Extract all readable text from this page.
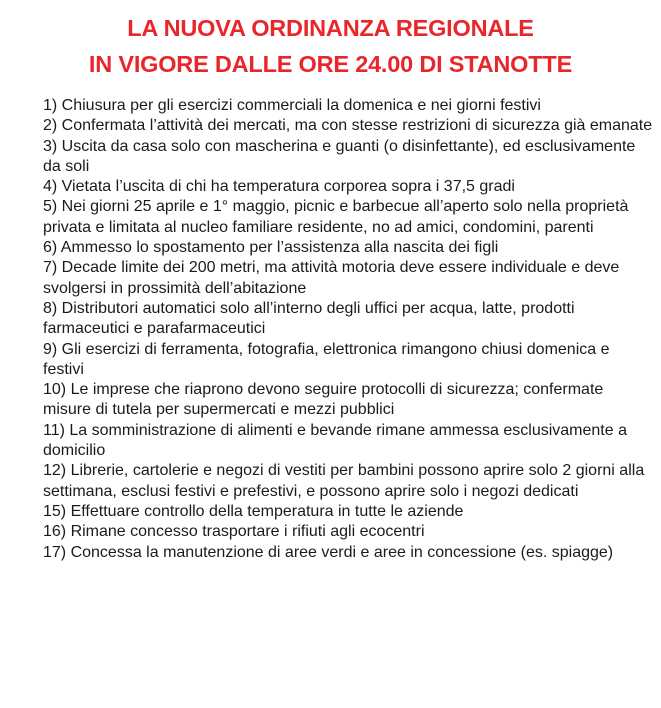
LA NUOVA ORDINANZA REGIONALE
IN VIGORE DALLE ORE 24.00 DI STANOTTE
1) Chiusura per gli esercizi commerciali la domenica e nei giorni festivi
2) Confermata l’attività dei mercati, ma con stesse restrizioni di sicurezza già emanate
3) Uscita da casa solo con mascherina e guanti (o disinfettante), ed esclusivamente da soli
4) Vietata l’uscita di chi ha temperatura corporea sopra i 37,5 gradi
5) Nei giorni 25 aprile e 1° maggio, picnic e barbecue all’aperto solo nella proprietà privata e limitata al nucleo familiare residente, no ad amici, condomini, parenti
6) Ammesso lo spostamento per l’assistenza alla nascita dei figli
7) Decade limite dei 200 metri, ma attività motoria deve essere individuale e deve svolgersi in prossimità dell’abitazione
8) Distributori automatici solo all’interno degli uffici per acqua, latte, prodotti farmaceutici e parafarmaceutici
9) Gli esercizi di ferramenta, fotografia, elettronica rimangono chiusi domenica e festivi
10) Le imprese che riaprono devono seguire protocolli di sicurezza; confermate misure di tutela per supermercati e mezzi pubblici
11) La somministrazione di alimenti e bevande rimane ammessa esclusivamente a domicilio
12) Librerie, cartolerie e negozi di vestiti per bambini possono aprire solo 2 giorni alla settimana, esclusi festivi e prefestivi, e possono aprire solo i negozi dedicati
15) Effettuare controllo della temperatura in tutte le aziende
16) Rimane concesso trasportare i rifiuti agli ecocentri
17) Concessa la manutenzione di aree verdi e aree in concessione (es. spiagge)
